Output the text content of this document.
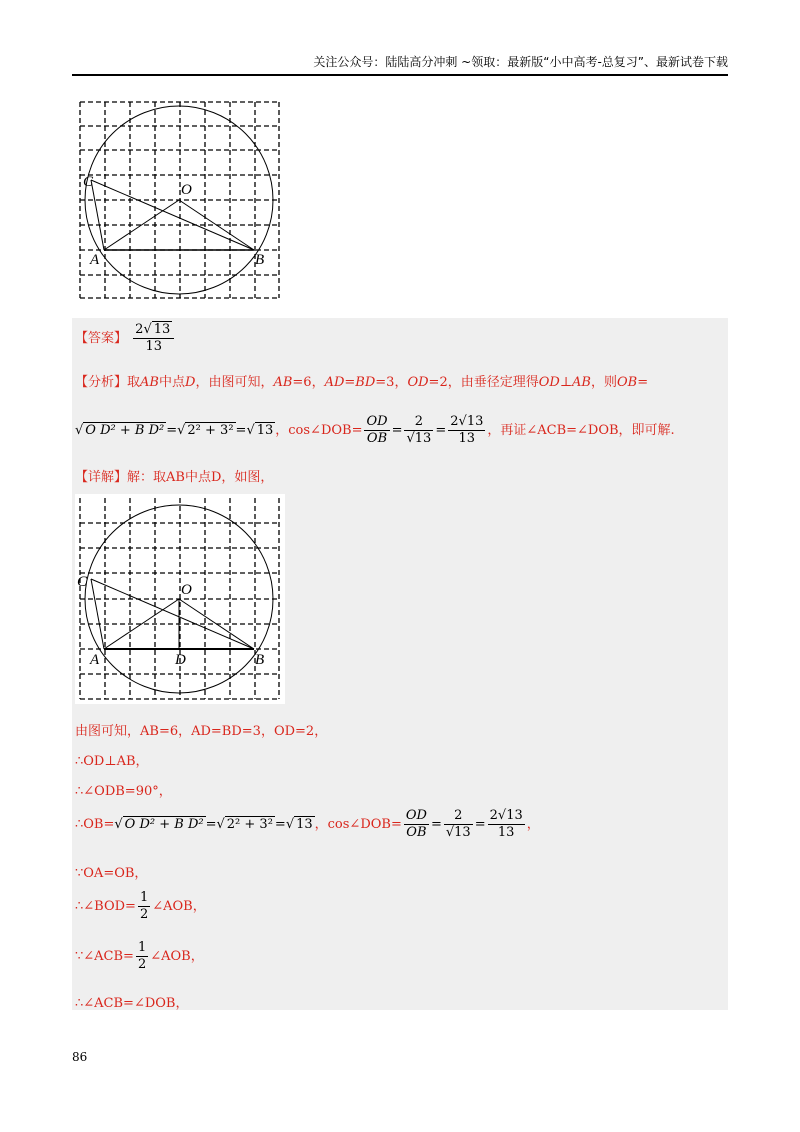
关注公众号：陆陆高分冲刺 ~领取：最新版“小中高考-总复习”、最新试卷下载
C	O
A	B
【答案】 $\frac{2√ 13}{13}$
【分析】取AB中点D，由图可知，AB=6，AD=BD=3，OD=2，由垂径定理得OD⊥AB，则OB=
√ O D² + B D² =√ 2² + 3² =√ 13 ，cos∠DOB= $\frac{OD}{OB} = \frac{2}{√13} = \frac{2√13}{13}$ ，再证∠ACB=∠DOB，即可解.
【详解】解：取AB中点D，如图，
C	O
A	D	B
由图可知，AB=6，AD=BD=3，OD=2，
∴OD⊥AB，
∴∠ODB=90°，
∴OB=√ O D² + B D² =√ 2² + 3² =√ 13 ，cos∠DOB= $\frac{OD}{OB} = \frac{2}{√13} = \frac{2√13}{13}$ ，
∵OA=OB，
∴∠BOD= $\frac{1}{2}$ ∠AOB，
∵∠ACB= $\frac{1}{2}$ ∠AOB，
∴∠ACB=∠DOB，
86
